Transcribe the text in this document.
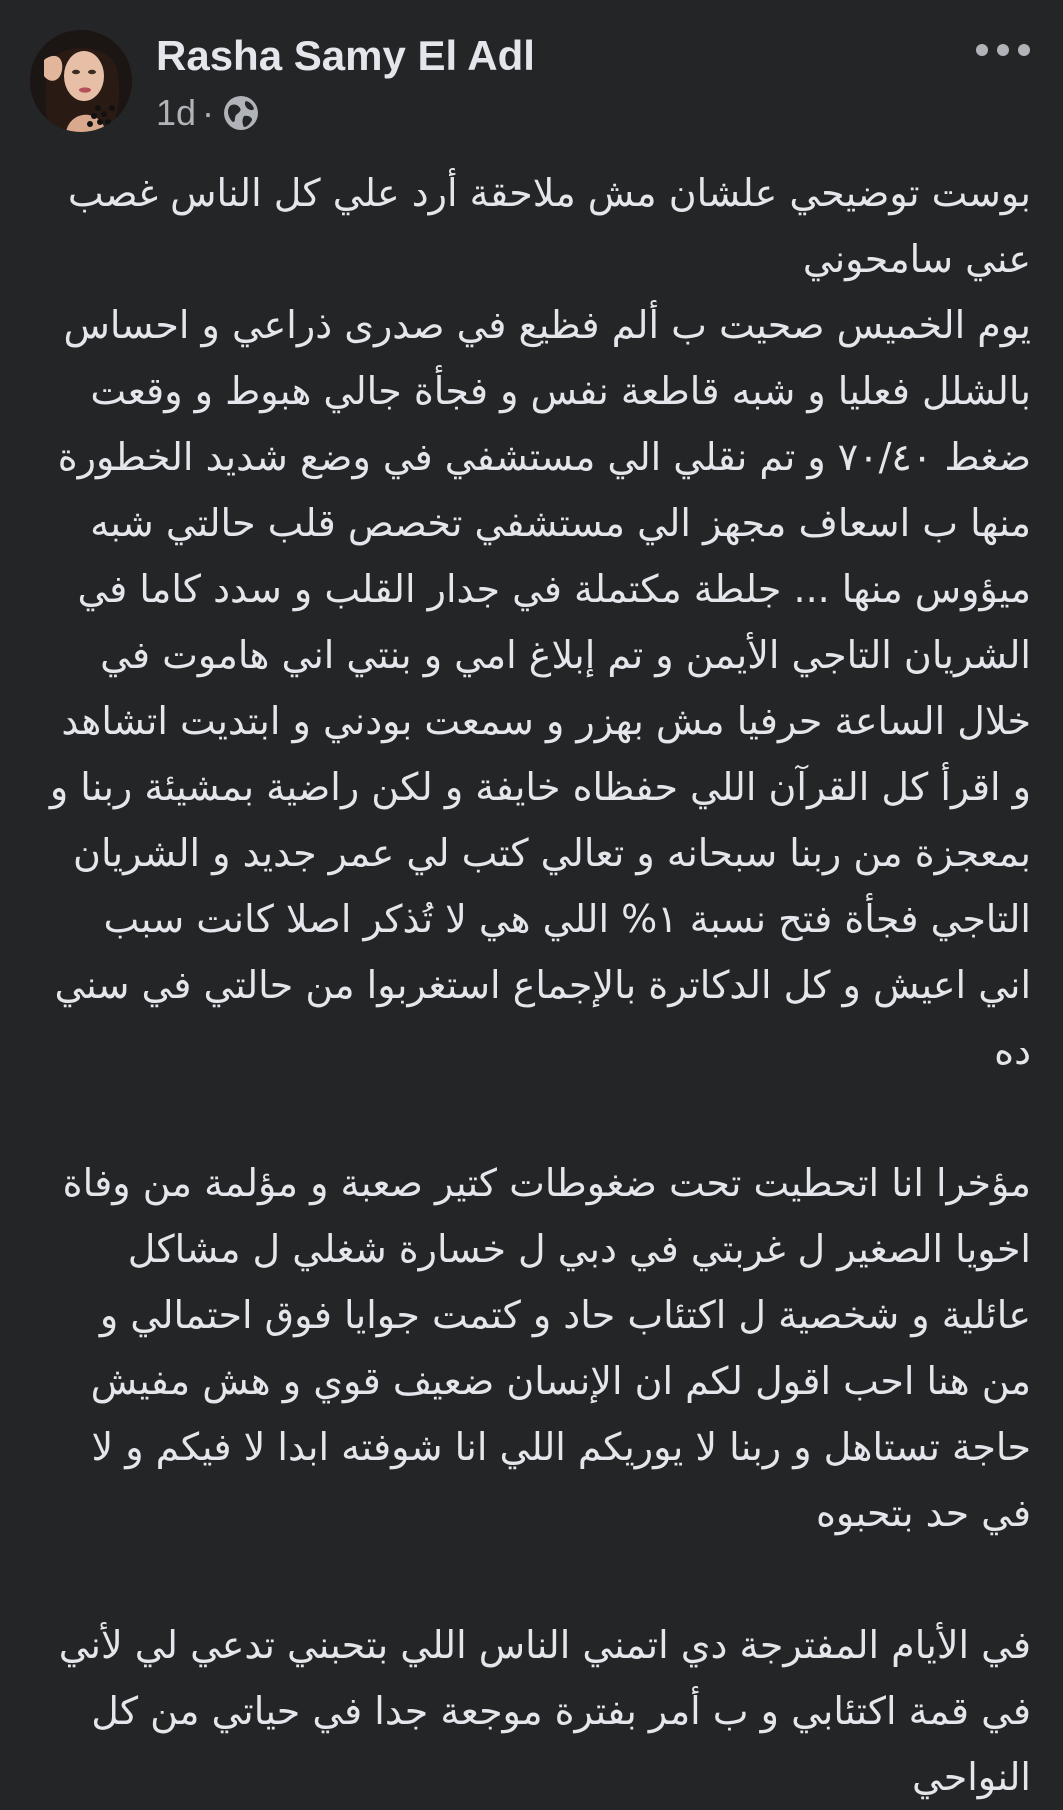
Rasha Samy El Adl
1d ·

بوست توضيحي علشان مش ملاحقة أرد علي كل الناس غصب عني سامحوني
يوم الخميس صحيت ب ألم فظيع في صدرى ذراعي و احساس بالشلل فعليا و شبه قاطعة نفس و فجأة جالي هبوط و وقعت ضغط ٧٠/٤٠ و تم نقلي الي مستشفي في وضع شديد الخطورة منها ب اسعاف مجهز الي مستشفي تخصص قلب حالتي شبه ميؤوس منها ... جلطة مكتملة في جدار القلب و سدد كاما في الشريان التاجي الأيمن و تم إبلاغ امي و بنتي اني هاموت في خلال الساعة حرفيا مش بهزر و سمعت بودني و ابتديت اتشاهد و اقرأ كل القرآن اللي حفظاه خايفة و لكن راضية بمشيئة ربنا و بمعجزة من ربنا سبحانه و تعالي كتب لي عمر جديد و الشريان التاجي فجأة فتح نسبة ١% اللي هي لا تُذكر اصلا كانت سبب اني اعيش و كل الدكاترة بالإجماع استغربوا من حالتي في سني ده

مؤخرا انا اتحطيت تحت ضغوطات كتير صعبة و مؤلمة من وفاة اخويا الصغير ل غربتي في دبي ل خسارة شغلي ل مشاكل عائلية و شخصية ل اكتئاب حاد و كتمت جوايا فوق احتمالي و من هنا احب اقول لكم ان الإنسان ضعيف قوي و هش مفيش حاجة تستاهل و ربنا لا يوريكم اللي انا شوفته ابدا لا فيكم و لا في حد بتحبوه

في الأيام المفترجة دي اتمني الناس اللي بتحبني تدعي لي لأني في قمة اكتئابي و ب أمر بفترة موجعة جدا في حياتي من كل النواحي
